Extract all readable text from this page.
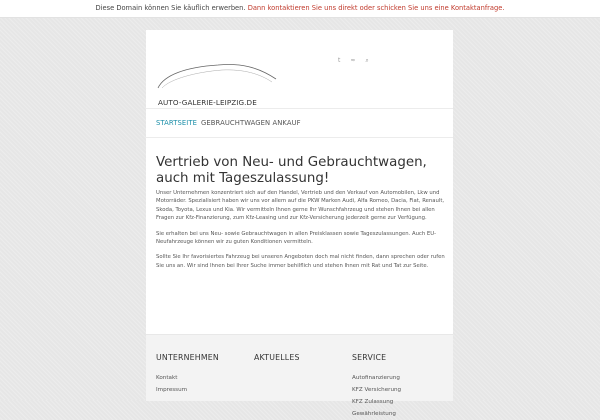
Diese Domain können Sie käuflich erwerben. Dann kontaktieren Sie uns direkt oder schicken Sie uns eine Kontaktanfrage.
AUTO-GALERIE-LEIPZIG.DE
t ≈ ⌕
STARTSEITE GEBRAUCHTWAGEN ANKAUF
Vertrieb von Neu- und Gebrauchtwagen, auch mit Tageszulassung!

Unser Unternehmen konzentriert sich auf den Handel, Vertrieb und den Verkauf von Automobilen, Lkw und Motorräder. Spezialisiert haben wir uns vor allem auf die PKW Marken Audi, Alfa Romeo, Dacia, Fiat, Renault, Skoda, Toyota, Lexus und Kia. Wir vermitteln Ihnen gerne Ihr Wunschfahrzeug und stehen Ihnen bei allen Fragen zur Kfz-Finanzierung, zum Kfz-Leasing und zur Kfz-Versicherung jederzeit gerne zur Verfügung.

Sie erhalten bei uns Neu- sowie Gebrauchtwagen in allen Preisklassen sowie Tageszulassungen. Auch EU-Neufahrzeuge können wir zu guten Konditionen vermitteln.

Sollte Sie Ihr favorisiertes Fahrzeug bei unseren Angeboten doch mal nicht finden, dann sprechen oder rufen Sie uns an. Wir sind Ihnen bei Ihrer Suche immer behilflich und stehen Ihnen mit Rat und Tat zur Seite.

UNTERNEHMEN
Kontakt
Impressum
AKTUELLES	SERVICE
Autofinanzierung
KFZ Versicherung
KFZ Zulassung
Gewährleistung
